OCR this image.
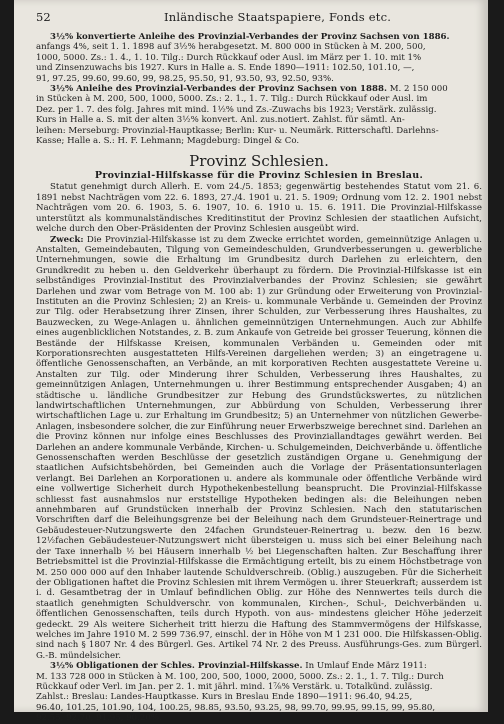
52	Inländische Staatspapiere, Fonds etc.

3½% konvertierte Anleihe des Provinzial-Verbandes der Provinz Sachsen von 1886.

anfangs 4%, seit 1. 1. 1898 auf 3½% herabgesetzt. M. 800 000 in Stücken à M. 200, 500,

1000, 5000. Zs.: 1. 4., 1. 10. Tilg.: Durch Rückkauf oder Ausl. im März per 1. 10. mit 1%

und Zinsenzuwachs bis 1927. Kurs in Halle a. S. Ende 1890—1911: 102.50, 101.10, —,

91, 97.25, 99.60, 99.60, 99, 98.25, 95.50, 91, 93.50, 93, 92.50, 93%.

3½% Anleihe des Provinzial-Verbandes der Provinz Sachsen von 1888. M. 2 150 000

in Stücken à M. 200, 500, 1000, 5000. Zs.: 2. 1., 1. 7. Tilg.: Durch Rückkauf oder Ausl. im

Dez. per 1. 7. des folg. Jahres mit mind. 1½% und Zs.-Zuwachs bis 1923; Verstärk. zulässig.

Kurs in Halle a. S. mit der alten 3½% konvert. Anl. zus.notiert. Zahlst. für sämtl. An-

leihen: Merseburg: Provinzial-Hauptkasse; Berlin: Kur- u. Neumärk. Ritterschaftl. Darlehns-

Kasse; Halle a. S.: H. F. Lehmann; Magdeburg: Dingel & Co.

Provinz Schlesien.
Provinzial-Hilfskasse für die Provinz Schlesien in Breslau.

Statut genehmigt durch Allerh. E. vom 24./5. 1853; gegenwärtig bestehendes Statut vom 21. 6. 1891 nebst Nachträgen vom 22. 6. 1893, 27./4. 1901 u. 21. 5. 1909; Ordnung vom 12. 2. 1901 nebst Nachträgen vom 20. 6. 1903, 5. 6. 1907, 10. 6. 1910 u. 15. 6. 1911. Die Provinzial-Hilfskasse unterstützt als kommunalständisches Kreditinstitut der Provinz Schlesien der staatlichen Aufsicht, welche durch den Ober-Präsidenten der Provinz Schlesien ausgeübt wird.

Zweck: Die Provinzial-Hilfskasse ist zu dem Zwecke errichtet worden, gemeinnützige Anlagen u. Anstalten, Gemeindebauten, Tilgung von Gemeindeschulden, Grundverbesserungen u. gewerbliche Unternehmungen, sowie die Erhaltung im Grundbesitz durch Darlehen zu erleichtern, den Grundkredit zu heben u. den Geldverkehr überhaupt zu fördern. Die Provinzial-Hilfskasse ist ein selbständiges Provinzial-Institut des Provinzialverbandes der Provinz Schlesien; sie gewährt Darlehen und zwar vom Betrage von M. 100 ab: 1) zur Gründung oder Erweiterung von Provinzial-Instituten an die Provinz Schlesien; 2) an Kreis- u. kommunale Verbände u. Gemeinden der Provinz zur Tilg. oder Herabsetzung ihrer Zinsen, ihrer Schulden, zur Verbesserung ihres Haushaltes, zu Bauzwecken, zu Wege-Anlagen u. ähnlichen gemeinnützigen Unternehmungen. Auch zur Abhilfe eines augenblicklichen Notstandes, z. B. zum Ankaufe von Getreide bei grosser Teuerung, können die Bestände der Hilfskasse Kreisen, kommunalen Verbänden u. Gemeinden oder mit Korporationsrechten ausgestatteten Hilfs-Vereinen dargeliehen werden; 3) an eingetragene u. öffentliche Genossenschaften, an Verbände, an mit korporativen Rechten ausgestattete Vereine u. Anstalten zur Tilg. oder Minderung ihrer Schulden, Verbesserung ihres Haushaltes, zu gemeinnützigen Anlagen, Unternehmungen u. ihrer Bestimmung entsprechender Ausgaben; 4) an städtische u. ländliche Grundbesitzer zur Hebung des Grundstückswertes, zu nützlichen landwirtschaftlichen Unternehmungen, zur Abbürdung von Schulden, Verbesserung ihrer wirtschaftlichen Lage u. zur Erhaltung im Grundbesitz; 5) an Unternehmer von nützlichen Gewerbe-Anlagen, insbesondere solcher, die zur Einführung neuer Erwerbszweige berechnet sind. Darlehen an die Provinz können nur infolge eines Beschlusses des Provinziallandtages gewährt werden. Bei Darlehen an andere kommunale Verbände, Kirchen- u. Schulgemeinden, Deichverbände u. öffentliche Genossenschaften werden Beschlüsse der gesetzlich zuständigen Organe u. Genehmigung der staatlichen Aufsichtsbehörden, bei Gemeinden auch die Vorlage der Präsentationsunterlagen verlangt. Bei Darlehen an Korporationen u. andere als kommunale oder öffentliche Verbände wird eine vollwertige Sicherheit durch Hypothekenbestellung beansprucht. Die Provinzial-Hilfskasse schliesst fast ausnahmslos nur erststellige Hypotheken bedingen als: die Beleihungen neben annehmbaren auf Grundstücken innerhalb der Provinz Schlesien. Nach den statutarischen Vorschriften darf die Beleihungsgrenze bei der Beleihung nach dem Grundsteuer-Reinertrage und Gebäudesteuer-Nutzungswerte den 24fachen Grundsteuer-Reinertrag u. bezw. den 16 bezw. 12½fachen Gebäudesteuer-Nutzungswert nicht übersteigen u. muss sich bei einer Beleihung nach der Taxe innerhalb ½ bei Häusern innerhalb ½ bei Liegenschaften halten. Zur Beschaffung ihrer Betriebsmittel ist die Provinzial-Hilfskasse die Ermächtigung erteilt, bis zu einem Höchstbetrage von M. 250 000 000 auf den Inhaber lautende Schuldverschreib. (Oblig.) auszugeben. Für die Sicherheit der Obligationen haftet die Provinz Schlesien mit ihrem Vermögen u. ihrer Steuerkraft; ausserdem ist i. d. Gesamtbetrag der in Umlauf befindlichen Oblig. zur Höhe des Nennwertes teils durch die staatlich genehmigten Schuldverschr. von kommunalen, Kirchen-, Schul-, Deichverbänden u. öffentlichen Genossenschaften, teils durch Hypoth. von aus- mindestens gleicher Höhe jederzeit gedeckt. 29 Als weitere Sicherheit tritt hierzu die Haftung des Stammvermögens der Hilfskasse, welches im Jahre 1910 M. 2 599 736.97, einschl. der in Höhe von M 1 231 000. Die Hilfskassen-Oblig. sind nach § 1807 Nr. 4 des Bürgerl. Ges. Artikel 74 Nr. 2 des Preuss. Ausführungs-Ges. zum Bürgerl. G.-B. mündelsicher.

3½% Obligationen der Schles. Provinzial-Hilfskasse. In Umlauf Ende März 1911:

M. 133 728 000 in Stücken à M. 100, 200, 500, 1000, 2000, 5000. Zs.: 2. 1., 1. 7. Tilg.: Durch

Rückkauf oder Verl. im Jan. per 2. 1. mit jährl. mind. 1⅞% Verstärk. u. Totalkünd. zulässig.

Zahlst.: Breslau: Landes-Hauptkasse. Kurs in Breslau Ende 1890—1911: 96.40, 94.25,

96.40, 101.25, 101.90, 104, 100.25, 98.85, 93.50, 93.25, 98, 99.70, 99.95, 99.15, 99, 95.80,

92.55, 92.70, 91.95, 90.20%.
